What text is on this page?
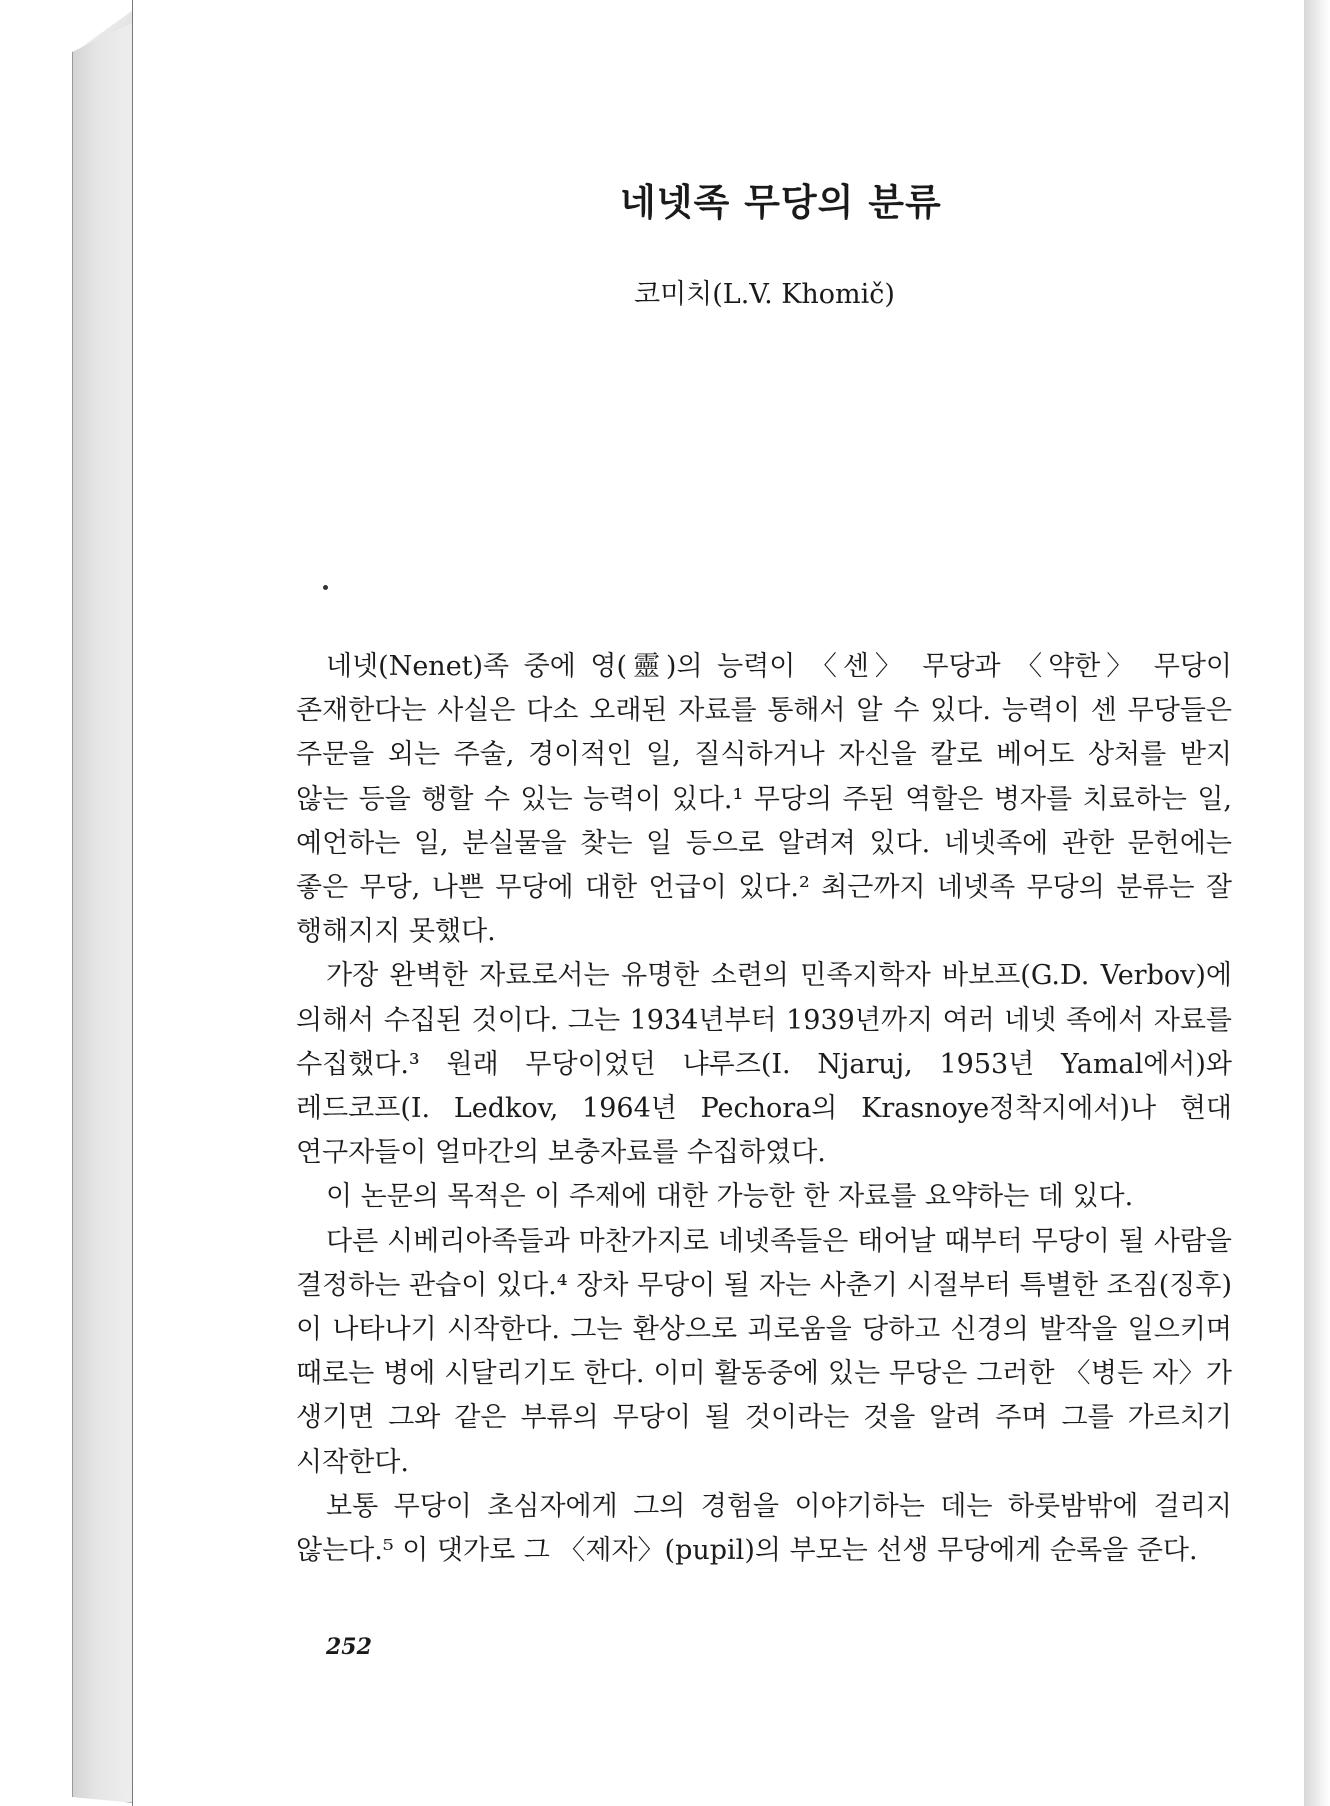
네넷족 무당의 분류
코미치(L.V. Khomič)

네넷(Nenet)족 중에 영(靈)의 능력이 〈센〉 무당과 〈약한〉 무당이 존재한다는 사실은 다소 오래된 자료를 통해서 알 수 있다. 능력이 센 무당들은 주문을 외는 주술, 경이적인 일, 질식하거나 자신을 칼로 베어도 상처를 받지 않는 등을 행할 수 있는 능력이 있다.¹ 무당의 주된 역할은 병자를 치료하는 일, 예언하는 일, 분실물을 찾는 일 등으로 알려져 있다. 네넷족에 관한 문헌에는 좋은 무당, 나쁜 무당에 대한 언급이 있다.² 최근까지 네넷족 무당의 분류는 잘 행해지지 못했다.

가장 완벽한 자료로서는 유명한 소련의 민족지학자 바보프(G.D. Verbov)에 의해서 수집된 것이다. 그는 1934년부터 1939년까지 여러 네넷 족에서 자료를 수집했다.³ 원래 무당이었던 냐루즈(I. Njaruj, 1953년 Yamal에서)와 레드코프(I. Ledkov, 1964년 Pechora의 Krasnoye정착지에서)나 현대 연구자들이 얼마간의 보충자료를 수집하였다.

이 논문의 목적은 이 주제에 대한 가능한 한 자료를 요약하는 데 있다.

다른 시베리아족들과 마찬가지로 네넷족들은 태어날 때부터 무당이 될 사람을 결정하는 관습이 있다.⁴ 장차 무당이 될 자는 사춘기 시절부터 특별한 조짐(징후)이 나타나기 시작한다. 그는 환상으로 괴로움을 당하고 신경의 발작을 일으키며 때로는 병에 시달리기도 한다. 이미 활동중에 있는 무당은 그러한 〈병든 자〉가 생기면 그와 같은 부류의 무당이 될 것이라는 것을 알려 주며 그를 가르치기 시작한다.

보통 무당이 초심자에게 그의 경험을 이야기하는 데는 하룻밤밖에 걸리지 않는다.⁵ 이 댓가로 그 〈제자〉(pupil)의 부모는 선생 무당에게 순록을 준다.

252
